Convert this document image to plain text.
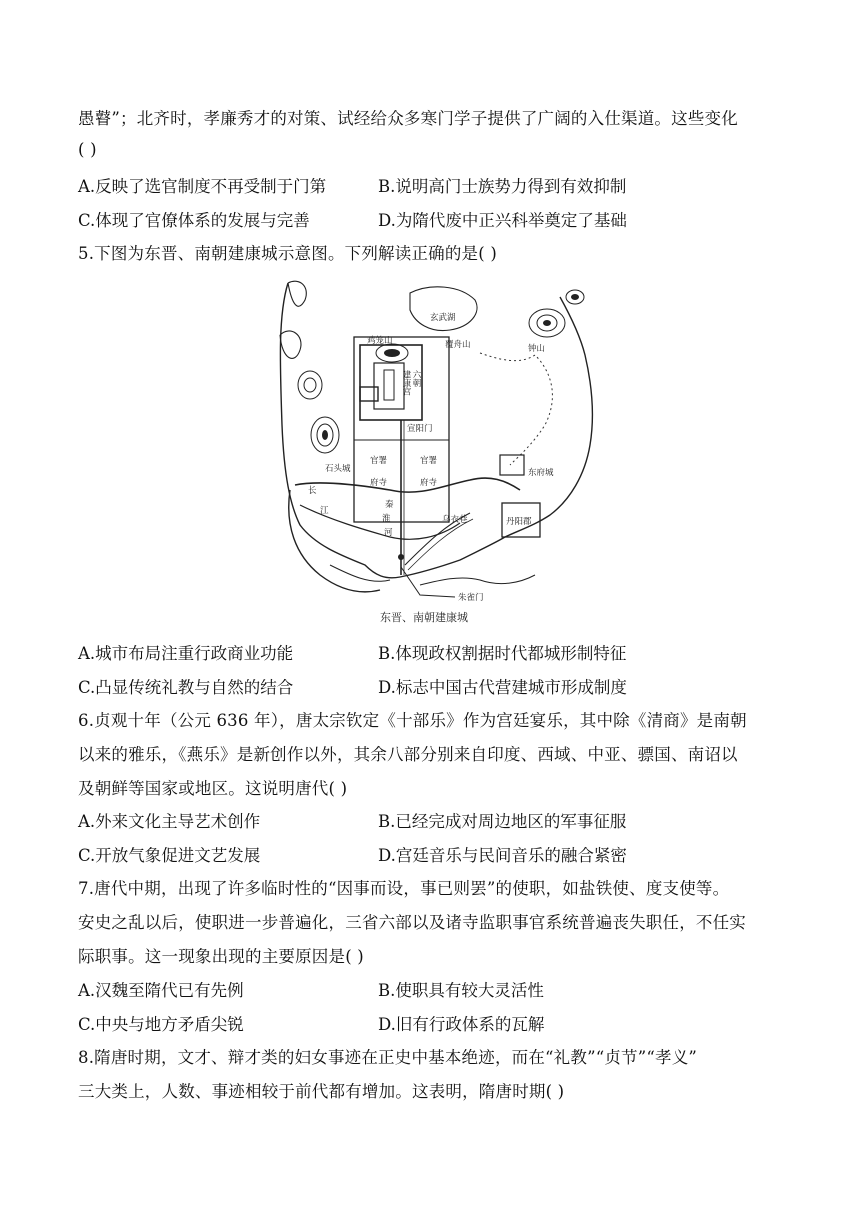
愚瞽”；北齐时，孝廉秀才的对策、试经给众多寒门学子提供了广阔的入仕渠道。这些变化
( )
A.反映了选官制度不再受制于门第	B.说明高门士族势力得到有效抑制
C.体现了官僚体系的发展与完善	D.为隋代废中正兴科举奠定了基础
5.下图为东晋、南朝建康城示意图。下列解读正确的是( )
玄武湖
鸡笼山	覆舟山	钟山
六朝
建康宫
宣阳门
官署	官署
石头城
府寺	府寺
东府城
长
江
秦
淮
河
乌衣巷	丹阳郡
朱雀门
东晋、南朝建康城
A.城市布局注重行政商业功能	B.体现政权割据时代都城形制特征
C.凸显传统礼教与自然的结合	D.标志中国古代营建城市形成制度
6.贞观十年（公元 636 年），唐太宗钦定《十部乐》作为宫廷宴乐，其中除《清商》是南朝
以来的雅乐，《燕乐》是新创作以外，其余八部分别来自印度、西域、中亚、骠国、南诏以
及朝鲜等国家或地区。这说明唐代( )
A.外来文化主导艺术创作	B.已经完成对周边地区的军事征服
C.开放气象促进文艺发展	D.宫廷音乐与民间音乐的融合紧密
7.唐代中期，出现了许多临时性的“因事而设，事已则罢”的使职，如盐铁使、度支使等。
安史之乱以后，使职进一步普遍化，三省六部以及诸寺监职事官系统普遍丧失职任，不任实
际职事。这一现象出现的主要原因是( )
A.汉魏至隋代已有先例	B.使职具有较大灵活性
C.中央与地方矛盾尖锐	D.旧有行政体系的瓦解
8.隋唐时期，文才、辩才类的妇女事迹在正史中基本绝迹，而在“礼教”“贞节”“孝义”
三大类上，人数、事迹相较于前代都有增加。这表明，隋唐时期( )
